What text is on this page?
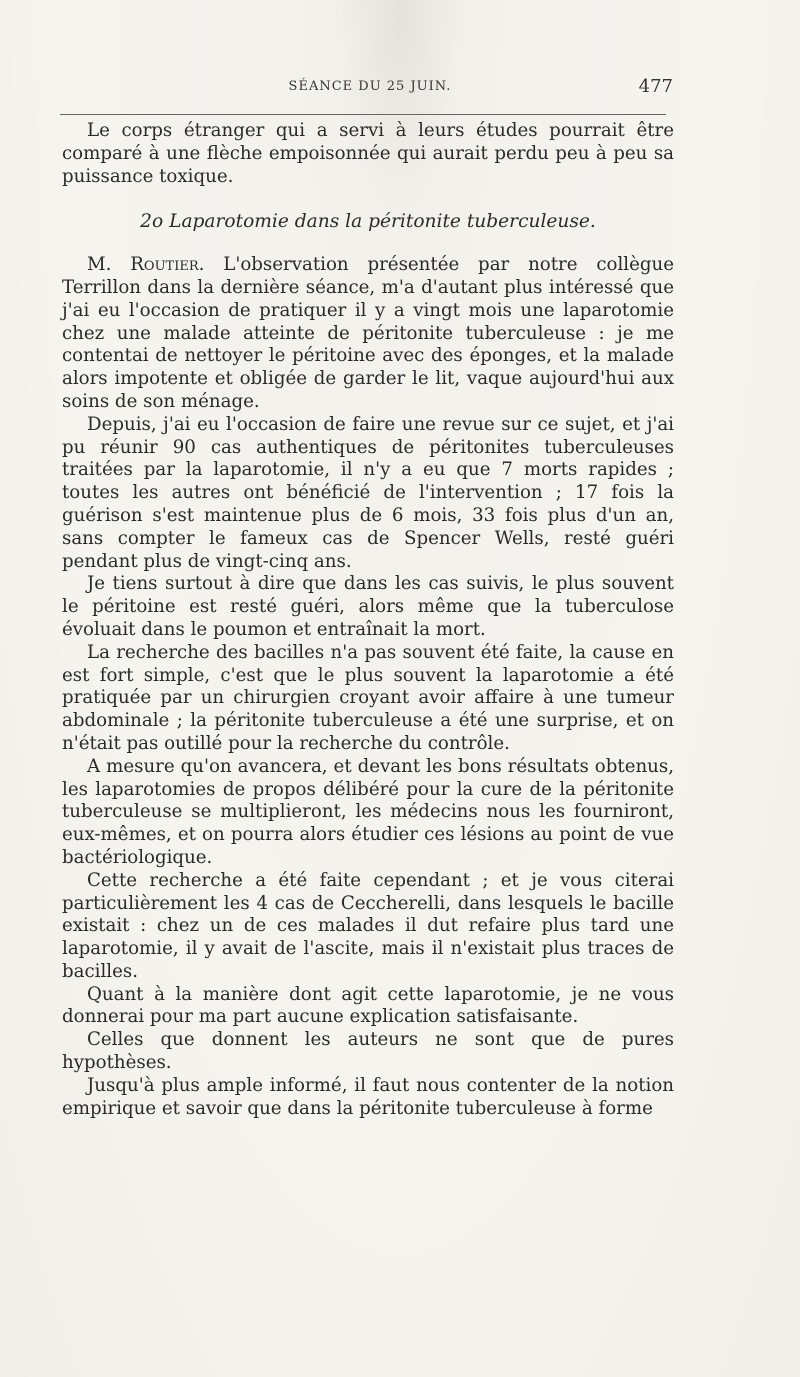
SÉANCE DU 25 JUIN.	477

Le corps étranger qui a servi à leurs études pourrait être comparé à une flèche empoisonnée qui aurait perdu peu à peu sa puissance toxique.

2o Laparotomie dans la péritonite tuberculeuse.

M. Routier. L'observation présentée par notre collègue Terrillon dans la dernière séance, m'a d'autant plus intéressé que j'ai eu l'occasion de pratiquer il y a vingt mois une laparotomie chez une malade atteinte de péritonite tuberculeuse : je me contentai de nettoyer le péritoine avec des éponges, et la malade alors impotente et obligée de garder le lit, vaque aujourd'hui aux soins de son ménage.

Depuis, j'ai eu l'occasion de faire une revue sur ce sujet, et j'ai pu réunir 90 cas authentiques de péritonites tuberculeuses traitées par la laparotomie, il n'y a eu que 7 morts rapides ; toutes les autres ont bénéficié de l'intervention ; 17 fois la guérison s'est maintenue plus de 6 mois, 33 fois plus d'un an, sans compter le fameux cas de Spencer Wells, resté guéri pendant plus de vingt-cinq ans.

Je tiens surtout à dire que dans les cas suivis, le plus souvent le péritoine est resté guéri, alors même que la tuberculose évoluait dans le poumon et entraînait la mort.

La recherche des bacilles n'a pas souvent été faite, la cause en est fort simple, c'est que le plus souvent la laparotomie a été pratiquée par un chirurgien croyant avoir affaire à une tumeur abdominale ; la péritonite tuberculeuse a été une surprise, et on n'était pas outillé pour la recherche du contrôle.

A mesure qu'on avancera, et devant les bons résultats obtenus, les laparotomies de propos délibéré pour la cure de la péritonite tuberculeuse se multiplieront, les médecins nous les fourniront, eux-mêmes, et on pourra alors étudier ces lésions au point de vue bactériologique.

Cette recherche a été faite cependant ; et je vous citerai particulièrement les 4 cas de Ceccherelli, dans lesquels le bacille existait : chez un de ces malades il dut refaire plus tard une laparotomie, il y avait de l'ascite, mais il n'existait plus traces de bacilles.

Quant à la manière dont agit cette laparotomie, je ne vous donnerai pour ma part aucune explication satisfaisante.

Celles que donnent les auteurs ne sont que de pures hypothèses.

Jusqu'à plus ample informé, il faut nous contenter de la notion empirique et savoir que dans la péritonite tuberculeuse à forme
